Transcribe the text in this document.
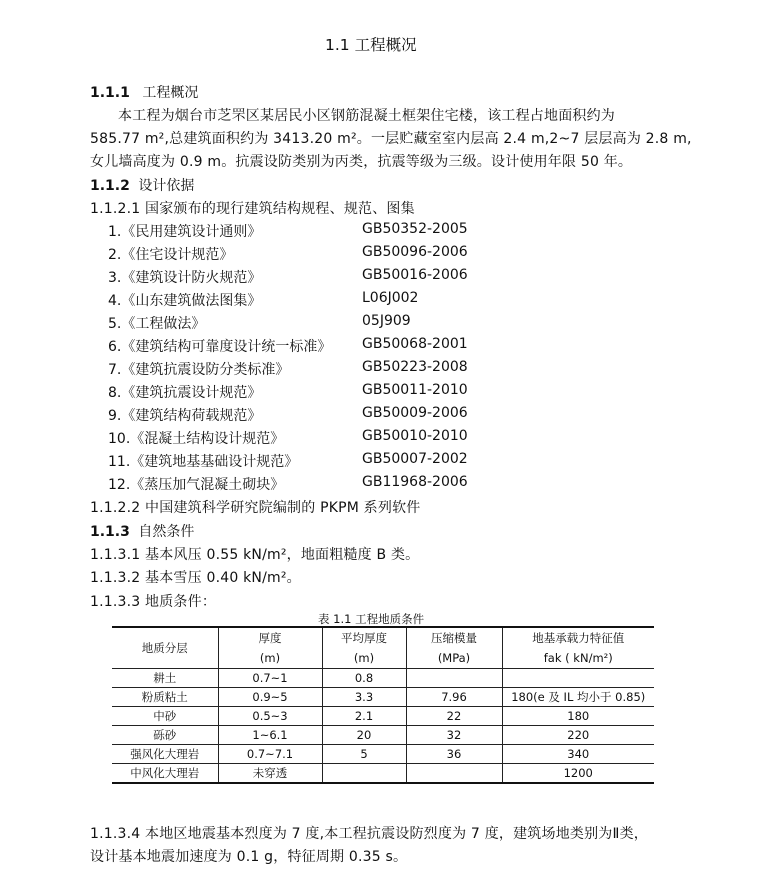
1.1 工程概况
1.1.1 工程概况
本工程为烟台市芝罘区某居民小区钢筋混凝土框架住宅楼，该工程占地面积约为
585.77 m²,总建筑面积约为 3413.20 m²。一层贮藏室室内层高 2.4 m,2~7 层层高为 2.8 m,
女儿墙高度为 0.9 m。抗震设防类别为丙类，抗震等级为三级。设计使用年限 50 年。
1.1.2 设计依据
1.1.2.1 国家颁布的现行建筑结构规程、规范、图集
1.《民用建筑设计通则》	GB50352-2005
2.《住宅设计规范》	GB50096-2006
3.《建筑设计防火规范》	GB50016-2006
4.《山东建筑做法图集》	L06J002
5.《工程做法》	05J909
6.《建筑结构可靠度设计统一标准》 GB50068-2001
7.《建筑抗震设防分类标准》	GB50223-2008
8.《建筑抗震设计规范》	GB50011-2010
9.《建筑结构荷载规范》	GB50009-2006
10.《混凝土结构设计规范》	GB50010-2010
11.《建筑地基基础设计规范》	GB50007-2002
12.《蒸压加气混凝土砌块》	GB11968-2006
1.1.2.2 中国建筑科学研究院编制的 PKPM 系列软件
1.1.3 自然条件
1.1.3.1 基本风压 0.55 kN/m²，地面粗糙度 B 类。
1.1.3.2 基本雪压 0.40 kN/m²。
1.1.3.3 地质条件：
表 1.1 工程地质条件
地质分层	厚度	平均厚度	压缩模量	地基承载力特征值
	(m)	(m)	(MPa)	fak ( kN/m²)
耕土	0.7~1	0.8		
粉质粘土	0.9~5	3.3	7.96	180(e 及 IL 均小于 0.85)
中砂	0.5~3	2.1	22	180
砾砂	1~6.1	20	32	220
强风化大理岩	0.7~7.1	5	36	340
中风化大理岩	未穿透			1200
1.1.3.4 本地区地震基本烈度为 7 度,本工程抗震设防烈度为 7 度，建筑场地类别为Ⅱ类，
设计基本地震加速度为 0.1 g，特征周期 0.35 s。
